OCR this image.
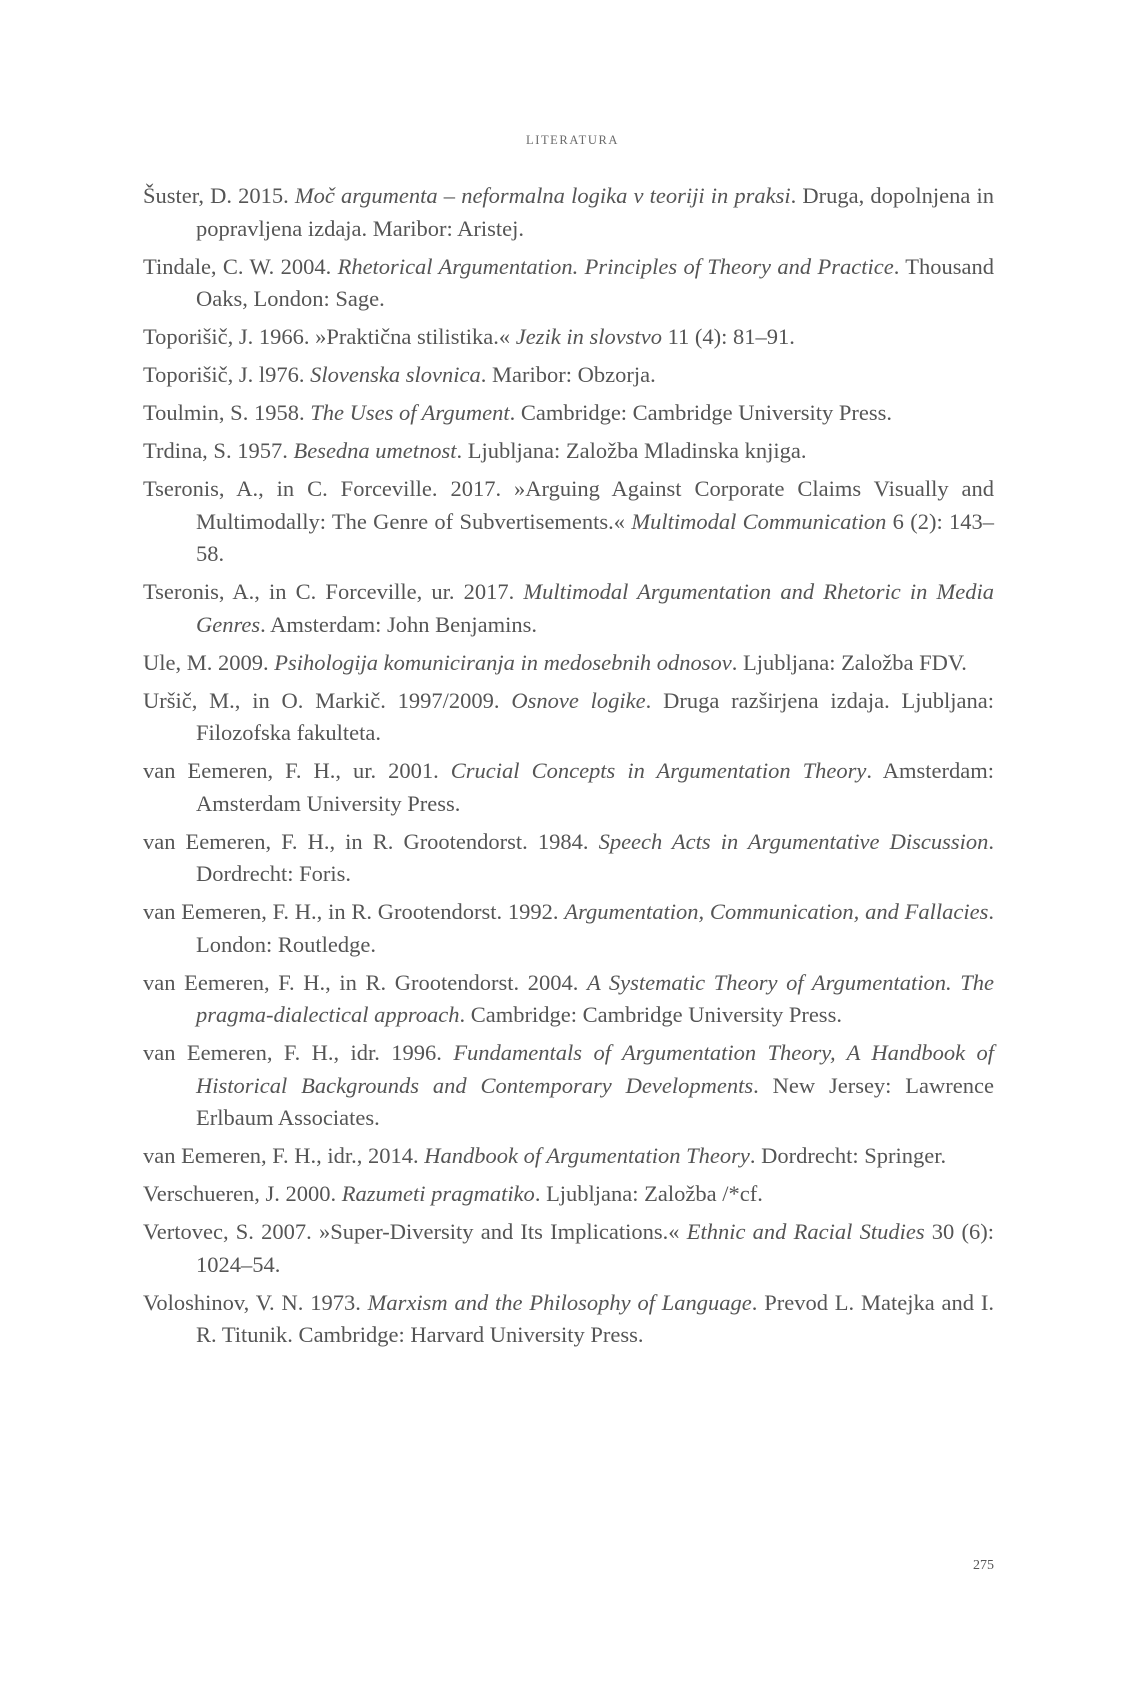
LITERATURA
Šuster, D. 2015. Moč argumenta – neformalna logika v teoriji in praksi. Druga, dopolnjena in popravljena izdaja. Maribor: Aristej.
Tindale, C. W. 2004. Rhetorical Argumentation. Principles of Theory and Practice. Thousand Oaks, London: Sage.
Toporišič, J. 1966. »Praktična stilistika.« Jezik in slovstvo 11 (4): 81–91.
Toporišič, J. l976. Slovenska slovnica. Maribor: Obzorja.
Toulmin, S. 1958. The Uses of Argument. Cambridge: Cambridge University Press.
Trdina, S. 1957. Besedna umetnost. Ljubljana: Založba Mladinska knjiga.
Tseronis, A., in C. Forceville. 2017. »Arguing Against Corporate Claims Visually and Multimodally: The Genre of Subvertisements.« Multimodal Communication 6 (2): 143–58.
Tseronis, A., in C. Forceville, ur. 2017. Multimodal Argumentation and Rhetoric in Media Genres. Amsterdam: John Benjamins.
Ule, M. 2009. Psihologija komuniciranja in medosebnih odnosov. Ljubljana: Založba FDV.
Uršič, M., in O. Markič. 1997/2009. Osnove logike. Druga razširjena izdaja. Ljubljana: Filozofska fakulteta.
van Eemeren, F. H., ur. 2001. Crucial Concepts in Argumentation Theory. Amsterdam: Amsterdam University Press.
van Eemeren, F. H., in R. Grootendorst. 1984. Speech Acts in Argumentative Discussion. Dordrecht: Foris.
van Eemeren, F. H., in R. Grootendorst. 1992. Argumentation, Communication, and Fallacies. London: Routledge.
van Eemeren, F. H., in R. Grootendorst. 2004. A Systematic Theory of Argumentation. The pragma-dialectical approach. Cambridge: Cambridge University Press.
van Eemeren, F. H., idr. 1996. Fundamentals of Argumentation Theory, A Handbook of Historical Backgrounds and Contemporary Developments. New Jersey: Lawrence Erlbaum Associates.
van Eemeren, F. H., idr., 2014. Handbook of Argumentation Theory. Dordrecht: Springer.
Verschueren, J. 2000. Razumeti pragmatiko. Ljubljana: Založba /*cf.
Vertovec, S. 2007. »Super-Diversity and Its Implications.« Ethnic and Racial Studies 30 (6): 1024–54.
Voloshinov, V. N. 1973. Marxism and the Philosophy of Language. Prevod L. Matejka and I. R. Titunik. Cambridge: Harvard University Press.
275
